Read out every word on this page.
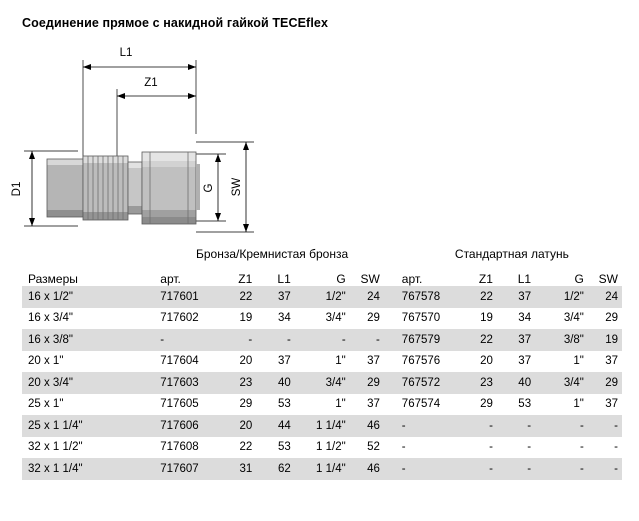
Соединение прямое с накидной гайкой TECEflex
L1
Z1
D1	G SW
	Бронза/Кремнистая бронза						Стандартная латунь				
Размеры	арт.	Z1	L1	G	SW		арт.	Z1	L1	G	SW
16 x 1/2"	717601	22	37	1/2"	24		767578	22	37	1/2"	24
16 x 3/4"	717602	19	34	3/4"	29		767570	19	34	3/4"	29
16 x 3/8"	-	-	-	-	-		767579	22	37	3/8"	19
20 x 1"	717604	20	37	1"	37		767576	20	37	1"	37
20 x 3/4"	717603	23	40	3/4"	29		767572	23	40	3/4"	29
25 x 1"	717605	29	53	1"	37		767574	29	53	1"	37
25 x 1 1/4"	717606	20	44	1 1/4"	46		-	-	-	-	-
32 x 1 1/2"	717608	22	53	1 1/2"	52		-	-	-	-	-
32 x 1 1/4"	717607	31	62	1 1/4"	46		-	-	-	-	-
